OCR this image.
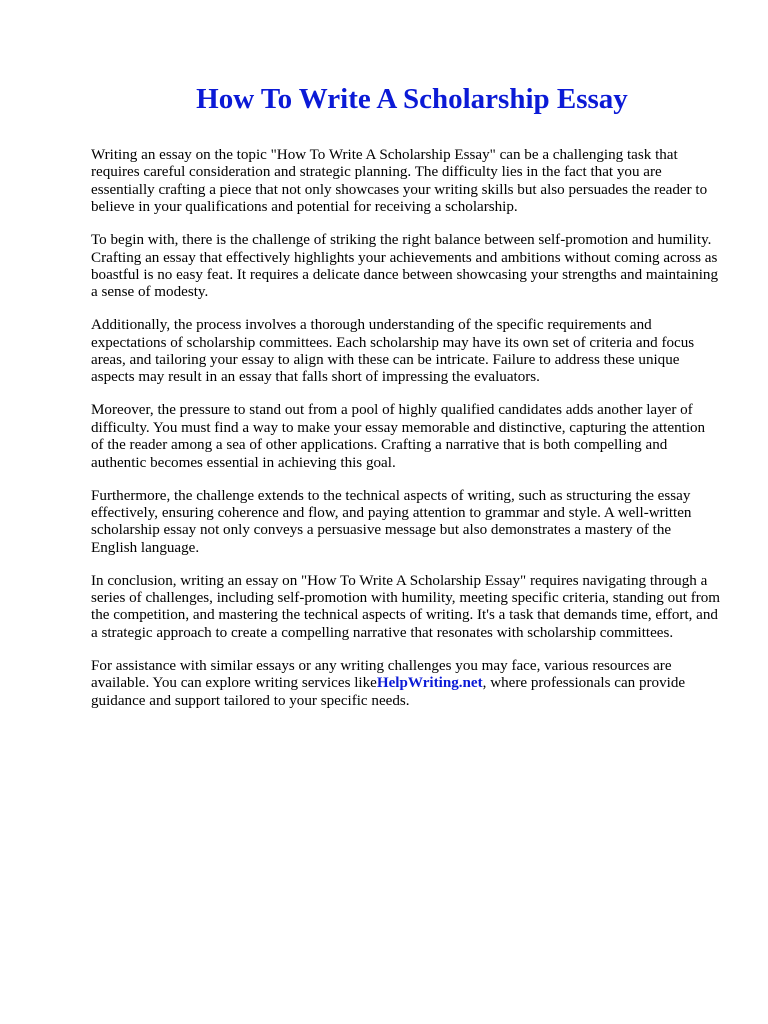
How To Write A Scholarship Essay

Writing an essay on the topic "How To Write A Scholarship Essay" can be a challenging task that requires careful consideration and strategic planning. The difficulty lies in the fact that you are essentially crafting a piece that not only showcases your writing skills but also persuades the reader to believe in your qualifications and potential for receiving a scholarship.

To begin with, there is the challenge of striking the right balance between self-promotion and humility. Crafting an essay that effectively highlights your achievements and ambitions without coming across as boastful is no easy feat. It requires a delicate dance between showcasing your strengths and maintaining a sense of modesty.

Additionally, the process involves a thorough understanding of the specific requirements and expectations of scholarship committees. Each scholarship may have its own set of criteria and focus areas, and tailoring your essay to align with these can be intricate. Failure to address these unique aspects may result in an essay that falls short of impressing the evaluators.

Moreover, the pressure to stand out from a pool of highly qualified candidates adds another layer of difficulty. You must find a way to make your essay memorable and distinctive, capturing the attention of the reader among a sea of other applications. Crafting a narrative that is both compelling and authentic becomes essential in achieving this goal.

Furthermore, the challenge extends to the technical aspects of writing, such as structuring the essay effectively, ensuring coherence and flow, and paying attention to grammar and style. A well-written scholarship essay not only conveys a persuasive message but also demonstrates a mastery of the English language.

In conclusion, writing an essay on "How To Write A Scholarship Essay" requires navigating through a series of challenges, including self-promotion with humility, meeting specific criteria, standing out from the competition, and mastering the technical aspects of writing. It's a task that demands time, effort, and a strategic approach to create a compelling narrative that resonates with scholarship committees.

For assistance with similar essays or any writing challenges you may face, various resources are available. You can explore writing services likeHelpWriting.net, where professionals can provide guidance and support tailored to your specific needs.
